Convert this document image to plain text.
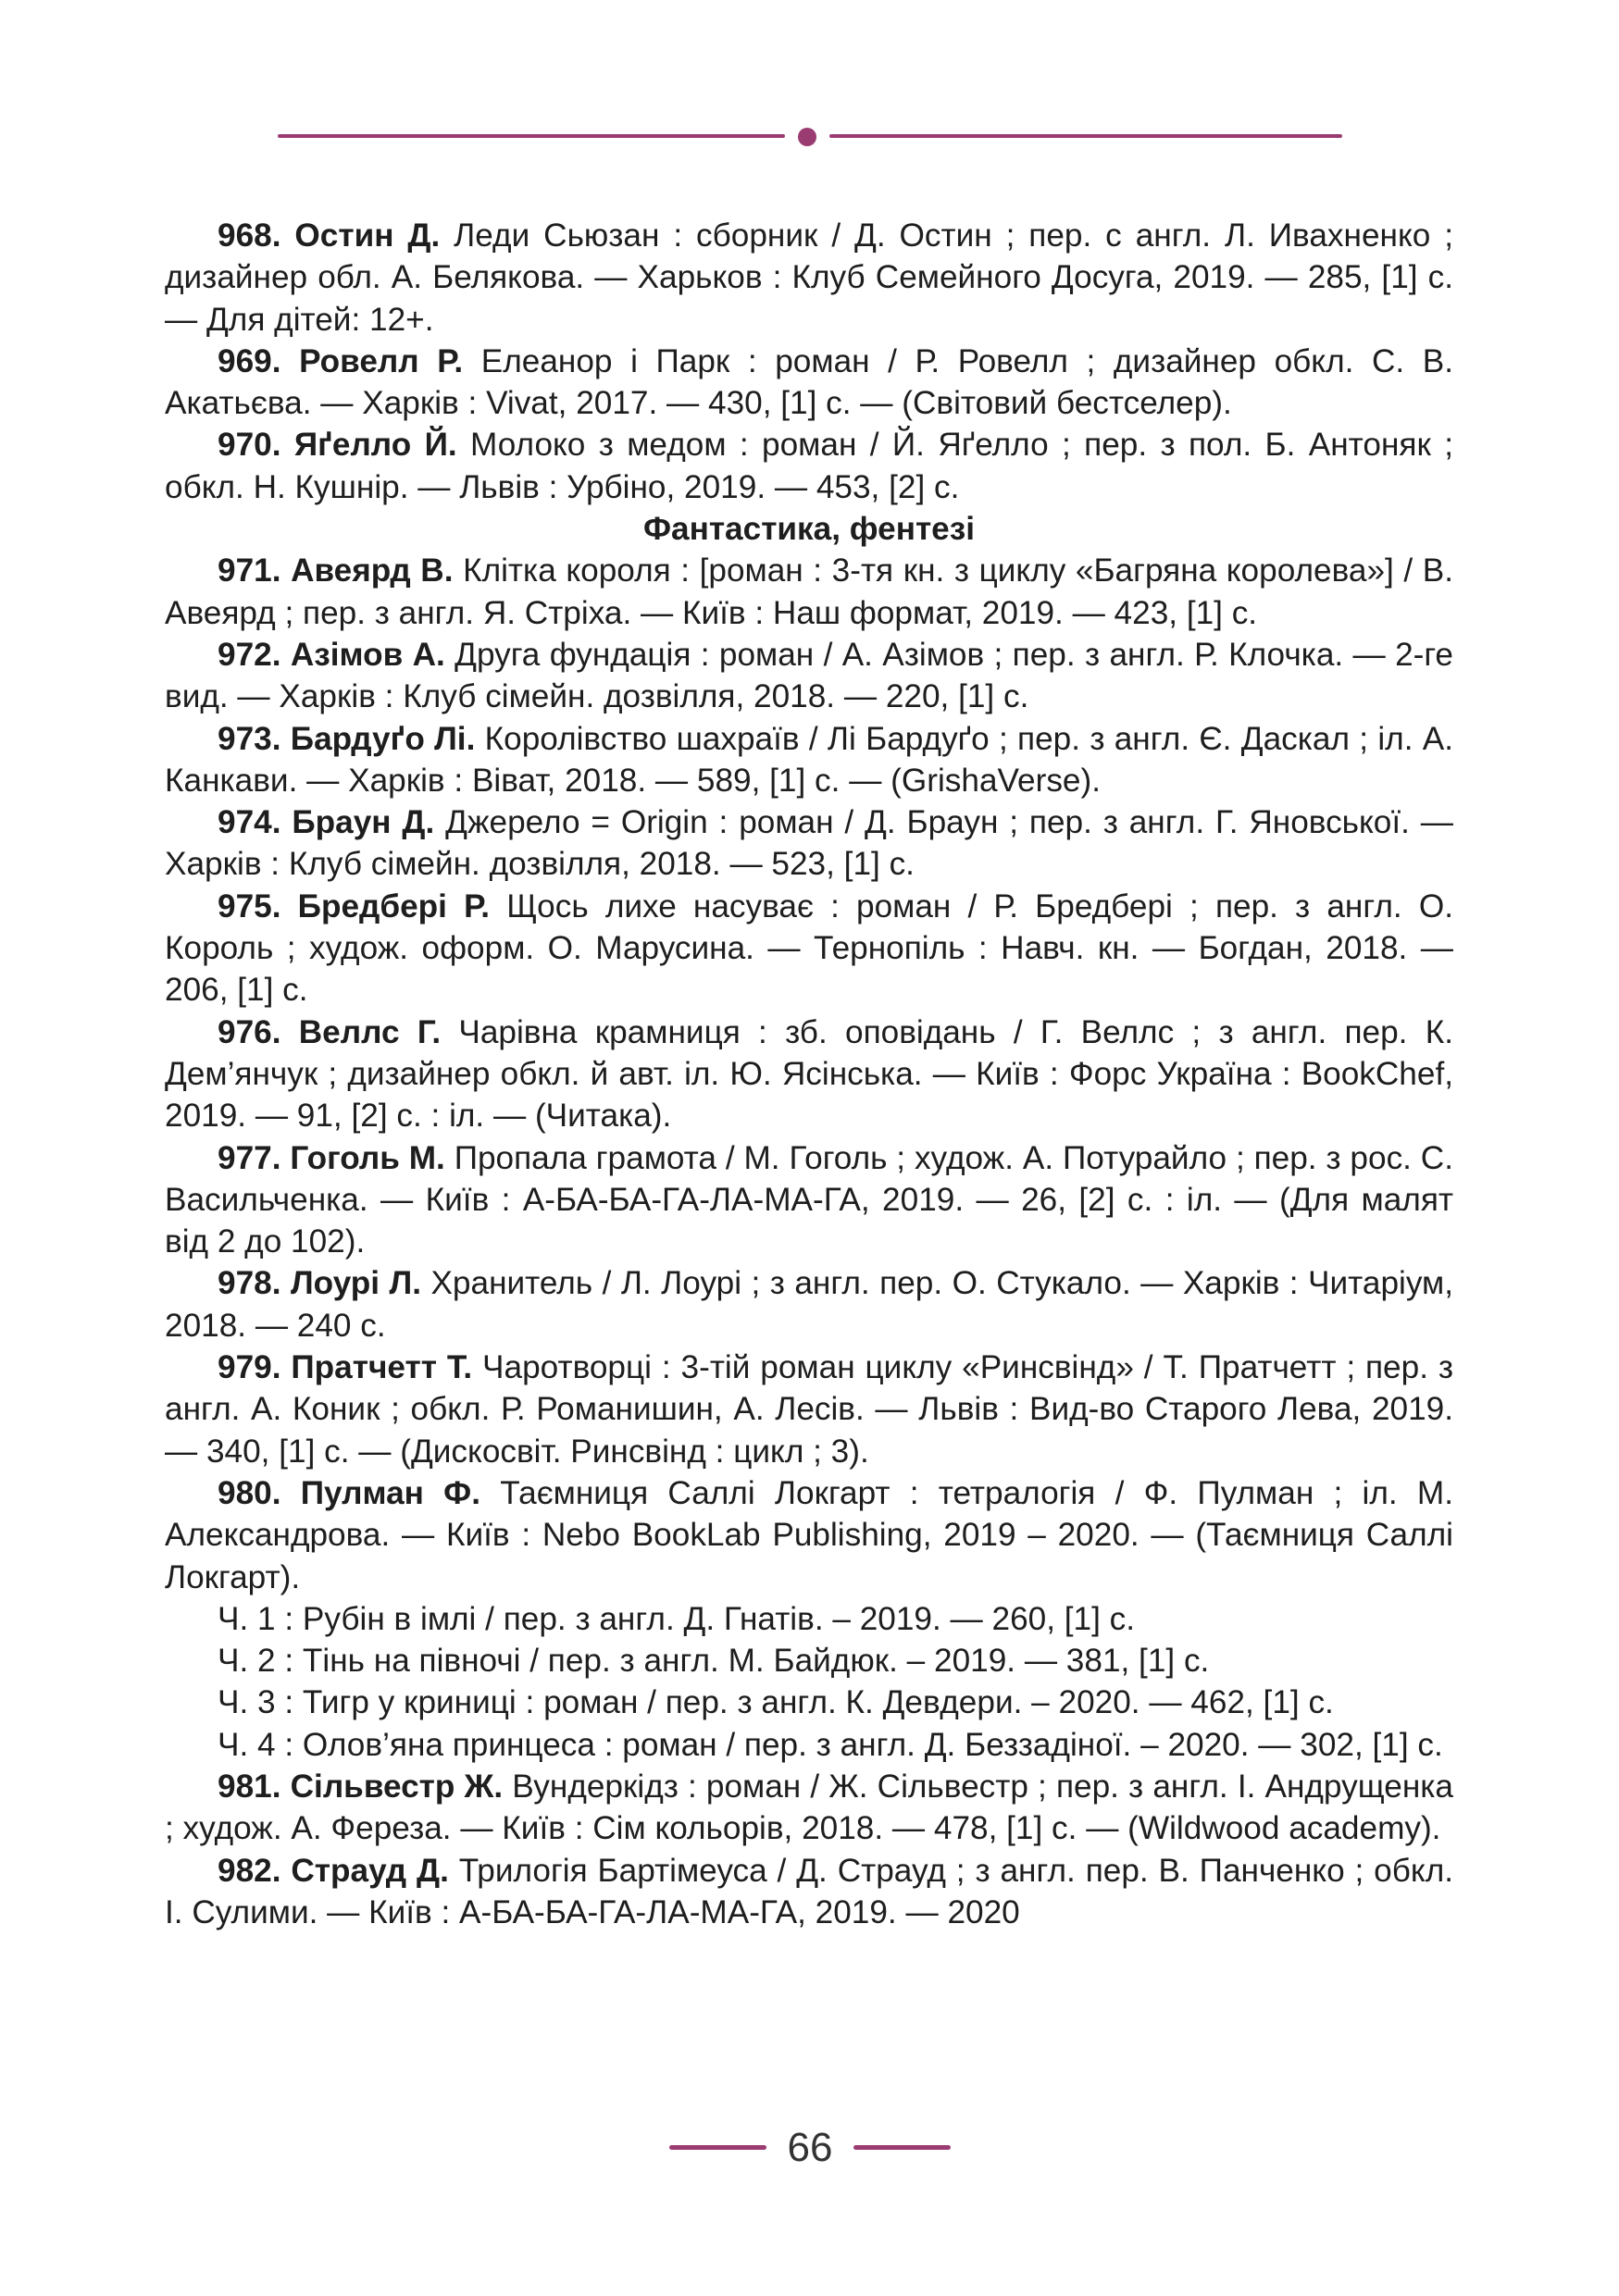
968. Остин Д. Леди Сьюзан : сборник / Д. Остин ; пер. с англ. Л. Ивахненко ; дизайнер обл. А. Белякова. — Харьков : Клуб Семейного Досуга, 2019. — 285, [1] с. — Для дітей: 12+.

969. Ровелл Р. Елеанор і Парк : роман / Р. Ровелл ; дизайнер обкл. С. В. Акатьєва. — Харків : Vivat, 2017. — 430, [1] с. — (Світовий бестселер).

970. Яґелло Й. Молоко з медом : роман / Й. Яґелло ; пер. з пол. Б. Антоняк ; обкл. Н. Кушнір. — Львів : Урбіно, 2019. — 453, [2] с.

Фантастика, фентезі

971. Авеярд В. Клітка короля : [роман : 3-тя кн. з циклу «Багряна королева»] / В. Авеярд ; пер. з англ. Я. Стріха. — Київ : Наш формат, 2019. — 423, [1] с.

972. Азімов А. Друга фундація : роман / А. Азімов ; пер. з англ. Р. Клочка. — 2-ге вид. — Харків : Клуб сімейн. дозвілля, 2018. — 220, [1] с.

973. Бардуґо Лі. Королівство шахраїв / Лі Бардуґо ; пер. з англ. Є. Даскал ; іл. А. Канкави. — Харків : Віват, 2018. — 589, [1] с. — (GrishaVerse).

974. Браун Д. Джерело = Origin : роман / Д. Браун ; пер. з англ. Г. Яновської. — Харків : Клуб сімейн. дозвілля, 2018. — 523, [1] с.

975. Бредбері Р. Щось лихе насуває : роман / Р. Бредбері ; пер. з англ. О. Король ; худож. оформ. О. Марусина. — Тернопіль : Навч. кн. — Богдан, 2018. — 206, [1] с.

976. Веллс Г. Чарівна крамниця : зб. оповідань / Г. Веллс ; з англ. пер. К. Дем’янчук ; дизайнер обкл. й авт. іл. Ю. Ясінська. — Київ : Форс Україна : BookChef, 2019. — 91, [2] с. : іл. — (Читака).

977. Гоголь М. Пропала грамота / М. Гоголь ; худож. А. Потурайло ; пер. з рос. С. Васильченка. — Київ : А-БА-БА-ГА-ЛА-МА-ГА, 2019. — 26, [2] с. : іл. — (Для малят від 2 до 102).

978. Лоурі Л. Хранитель / Л. Лоурі ; з англ. пер. О. Стукало. — Харків : Читаріум, 2018. — 240 с.

979. Пратчетт Т. Чаротворці : 3-тій роман циклу «Ринсвінд» / Т. Пратчетт ; пер. з англ. А. Коник ; обкл. Р. Романишин, А. Лесів. — Львів : Вид-во Старого Лева, 2019. — 340, [1] с. — (Дискосвіт. Ринсвінд : цикл ; 3).

980. Пулман Ф. Таємниця Саллі Локгарт : тетралогія / Ф. Пулман ; іл. М. Александрова. — Київ : Nebo BookLab Publishing, 2019 – 2020. — (Таємниця Саллі Локгарт).

Ч. 1 : Рубін в імлі / пер. з англ. Д. Гнатів. – 2019. — 260, [1] с.

Ч. 2 : Тінь на півночі / пер. з англ. М. Байдюк. – 2019. — 381, [1] с.

Ч. 3 : Тигр у криниці : роман / пер. з англ. К. Девдери. – 2020. — 462, [1] с.

Ч. 4 : Олов’яна принцеса : роман / пер. з англ. Д. Беззадіної. – 2020. — 302, [1] с.

981. Сільвестр Ж. Вундеркідз : роман / Ж. Сільвестр ; пер. з англ. І. Андрущенка ; худож. А. Фереза. — Київ : Сім кольорів, 2018. — 478, [1] с. — (Wildwood academy).

982. Страуд Д. Трилогія Бартімеуса / Д. Страуд ; з англ. пер. В. Панченко ; обкл. І. Сулими. — Київ : А-БА-БА-ГА-ЛА-МА-ГА, 2019. — 2020

66
